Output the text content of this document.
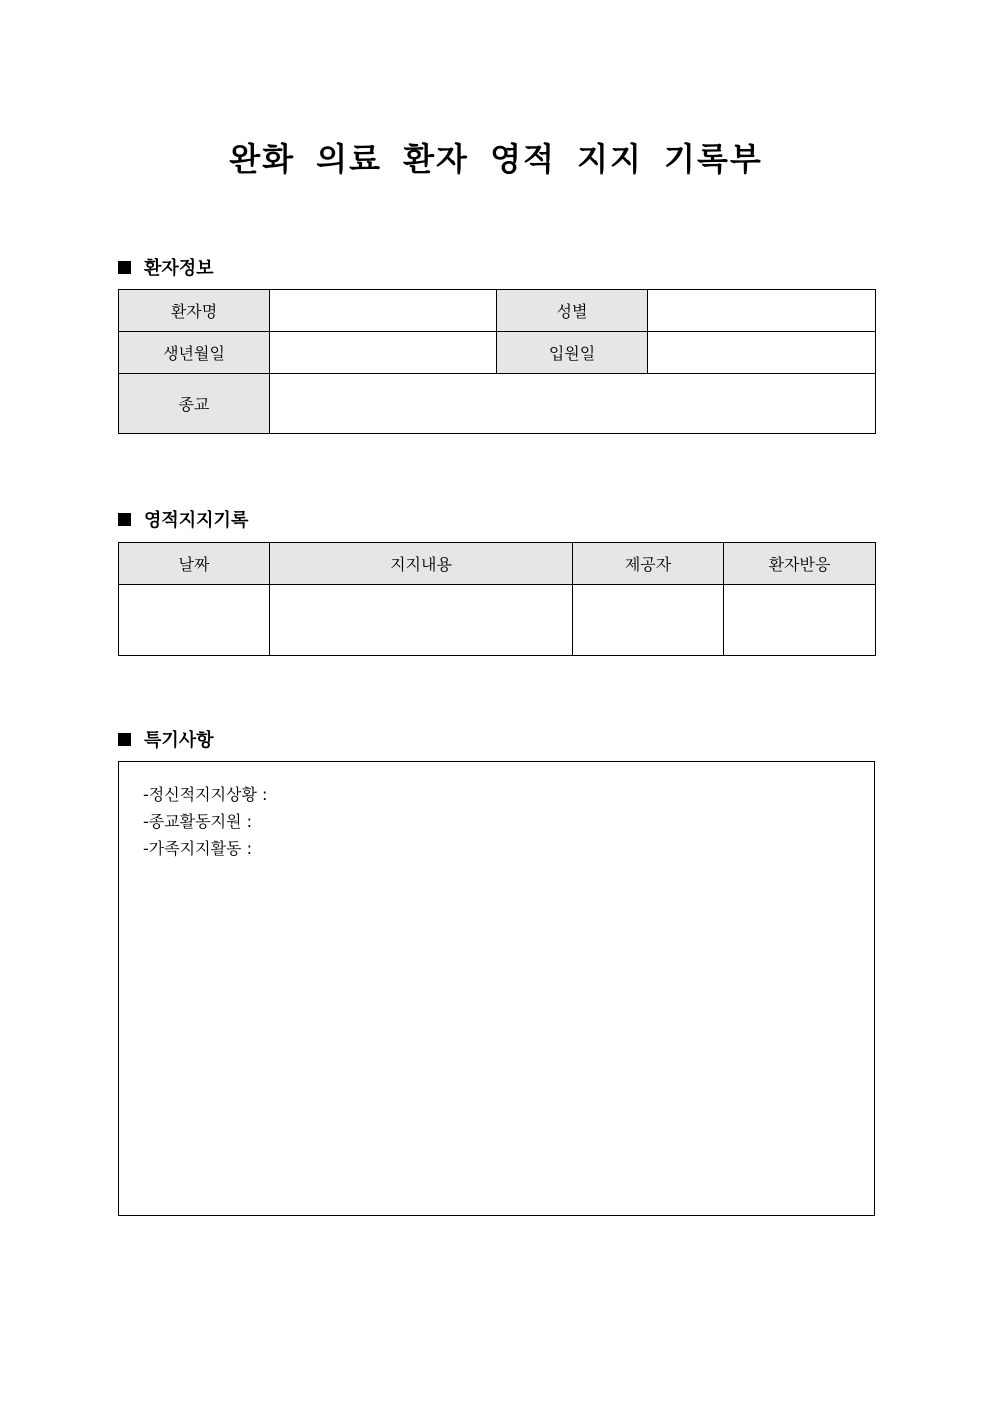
완화 의료 환자 영적 지지 기록부
환자정보
환자명		성별	
생년월일		입원일	
종교			
영적지지기록
날짜	지지내용	제공자	환자반응

특기사항
-정신적지지상황 :
-종교활동지원 :
-가족지지활동 :
